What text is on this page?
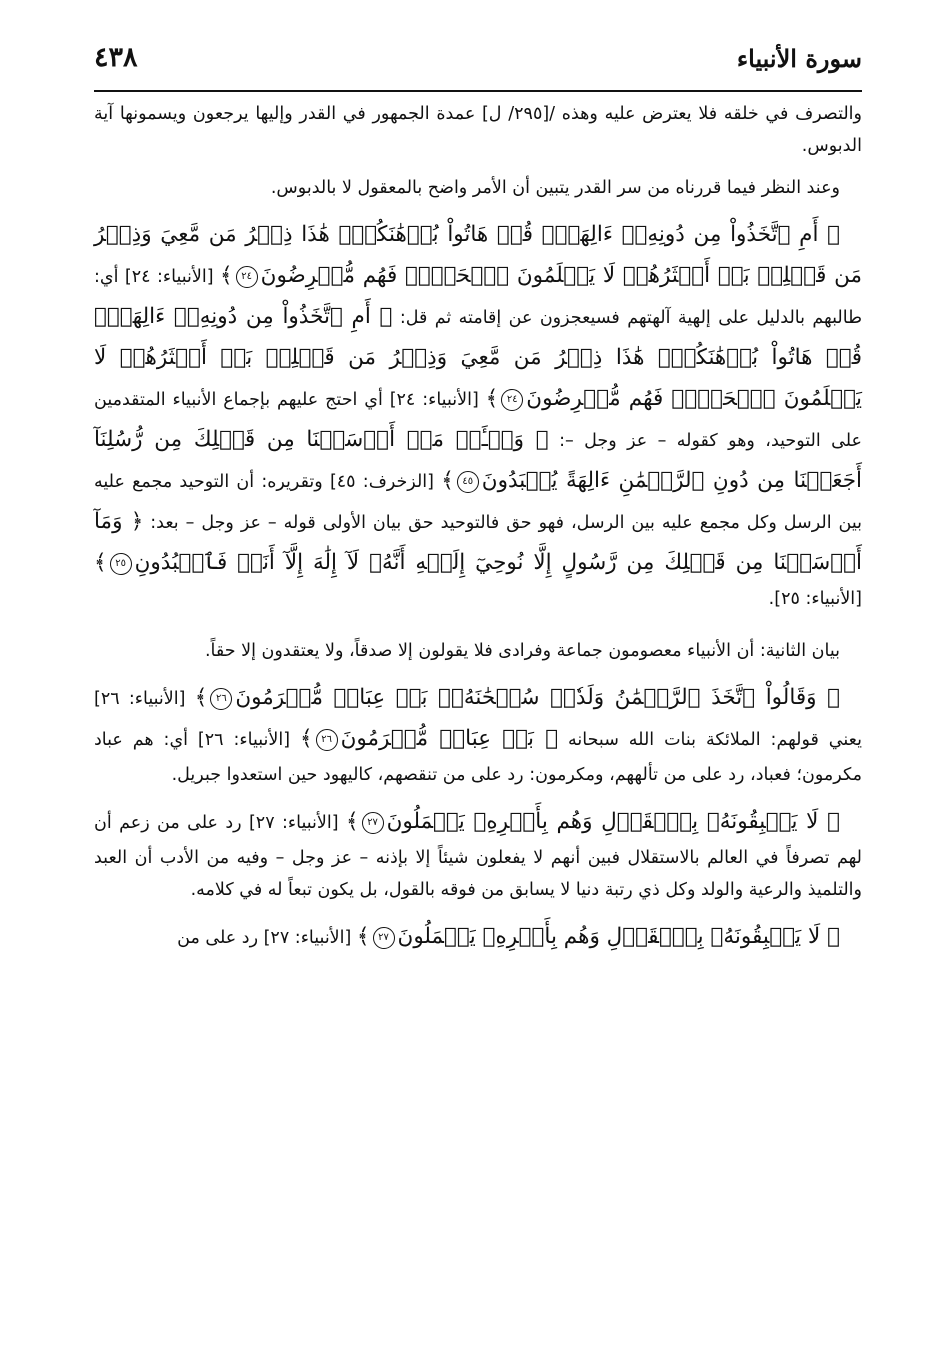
سورة الأنبياء
٤٣٨

والتصرف في خلقه فلا يعترض عليه وهذه /[٢٩٥/ ل] عمدة الجمهور في القدر وإليها يرجعون ويسمونها آية الدبوس.

وعند النظر فيما قررناه من سر القدر يتبين أن الأمر واضح بالمعقول لا بالدبوس.

﴿ أَمِ ٱتَّخَذُواْ مِن دُونِهِۦٓ ءَالِهَةًۖ قُلۡ هَاتُواْ بُرۡهَٰنَكُمۡۖ هَٰذَا ذِكۡرُ مَن مَّعِيَ وَذِكۡرُ مَن قَبۡلِيۚ بَلۡ أَكۡثَرُهُمۡ لَا يَعۡلَمُونَ ٱلۡحَقَّۖ فَهُم مُّعۡرِضُونَ٢٤﴾ [الأنبياء: ٢٤] أي: طالبهم بالدليل على إلهية آلهتهم فسيعجزون عن إقامته ثم قل: ﴿ أَمِ ٱتَّخَذُواْ مِن دُونِهِۦٓ ءَالِهَةًۖ قُلۡ هَاتُواْ بُرۡهَٰنَكُمۡۖ هَٰذَا ذِكۡرُ مَن مَّعِيَ وَذِكۡرُ مَن قَبۡلِيۚ بَلۡ أَكۡثَرُهُمۡ لَا يَعۡلَمُونَ ٱلۡحَقَّۖ فَهُم مُّعۡرِضُونَ٢٤﴾ [الأنبياء: ٢٤] أي احتج عليهم بإجماع الأنبياء المتقدمين على التوحيد، وهو كقوله – عز وجل –: ﴿ وَسۡـَٔلۡ مَنۡ أَرۡسَلۡنَا مِن قَبۡلِكَ مِن رُّسُلِنَآ أَجَعَلۡنَا مِن دُونِ ٱلرَّحۡمَٰنِ ءَالِهَةً يُعۡبَدُونَ٤٥﴾ [الزخرف: ٤٥] وتقريره: أن التوحيد مجمع عليه بين الرسل وكل مجمع عليه بين الرسل، فهو حق فالتوحيد حق بيان الأولى قوله – عز وجل – بعد: ﴿ وَمَآ أَرۡسَلۡنَا مِن قَبۡلِكَ مِن رَّسُولٍ إِلَّا نُوحِيٓ إِلَيۡهِ أَنَّهُۥ لَآ إِلَٰهَ إِلَّآ أَنَا۠ فَٱعۡبُدُونِ٢٥﴾ [الأنبياء: ٢٥].

بيان الثانية: أن الأنبياء معصومون جماعة وفرادى فلا يقولون إلا صدقاً، ولا يعتقدون إلا حقاً.

﴿ وَقَالُواْ ٱتَّخَذَ ٱلرَّحۡمَٰنُ وَلَدٗاۗ سُبۡحَٰنَهُۥۚ بَلۡ عِبَادٞ مُّكۡرَمُونَ٢٦﴾ [الأنبياء: ٢٦] يعني قولهم: الملائكة بنات الله سبحانه ﴿ بَلۡ عِبَادٞ مُّكۡرَمُونَ٢٦﴾ [الأنبياء: ٢٦] أي: هم عباد مكرمون؛ فعباد، رد على من تألههم، ومكرمون: رد على من تنقصهم، كاليهود حين استعدوا جبريل.

﴿ لَا يَسۡبِقُونَهُۥ بِٱلۡقَوۡلِ وَهُم بِأَمۡرِهِۦ يَعۡمَلُونَ٢٧﴾ [الأنبياء: ٢٧] رد على من زعم أن لهم تصرفاً في العالم بالاستقلال فبين أنهم لا يفعلون شيئاً إلا بإذنه – عز وجل – وفيه من الأدب أن العبد والتلميذ والرعية والولد وكل ذي رتبة دنيا لا يسابق من فوقه بالقول، بل يكون تبعاً له في كلامه.

﴿ لَا يَسۡبِقُونَهُۥ بِٱلۡقَوۡلِ وَهُم بِأَمۡرِهِۦ يَعۡمَلُونَ٢٧﴾ [الأنبياء: ٢٧] رد على من
